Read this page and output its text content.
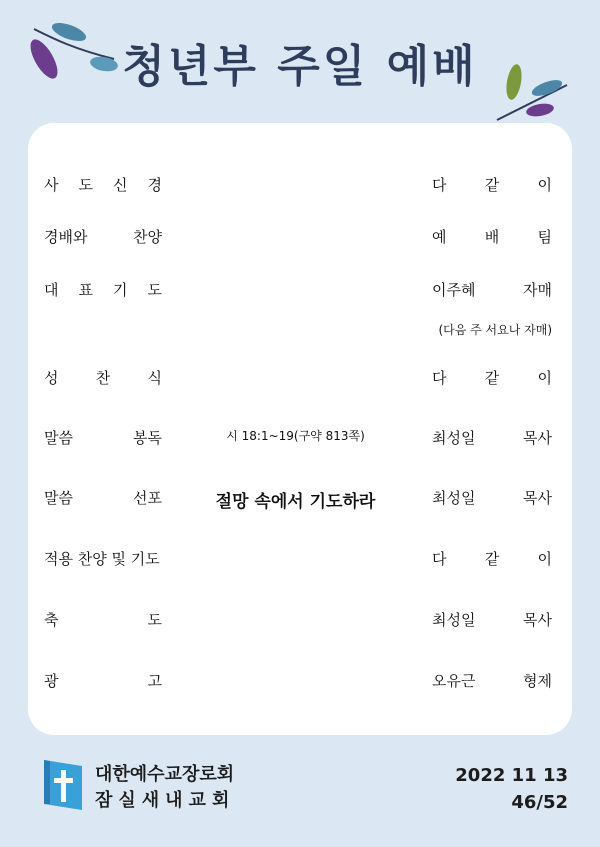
청년부 주일 예배
사 도 신 경	다	같	이
경배와	찬양	예	배	팀
대 표 기 도	이주혜	자매
(다음 주 서요나 자매)
성 찬 식	다	같	이
말씀	봉독	시 18:1~19(구약 813쪽)	최성일	목사
말씀	선포	절망 속에서 기도하라	최성일	목사
적용 찬양 및 기도	다	같	이
축	도	최성일	목사
광	고	오유근	형제
대한예수교장로회
잠실새내교회
2022 11 13
46/52
